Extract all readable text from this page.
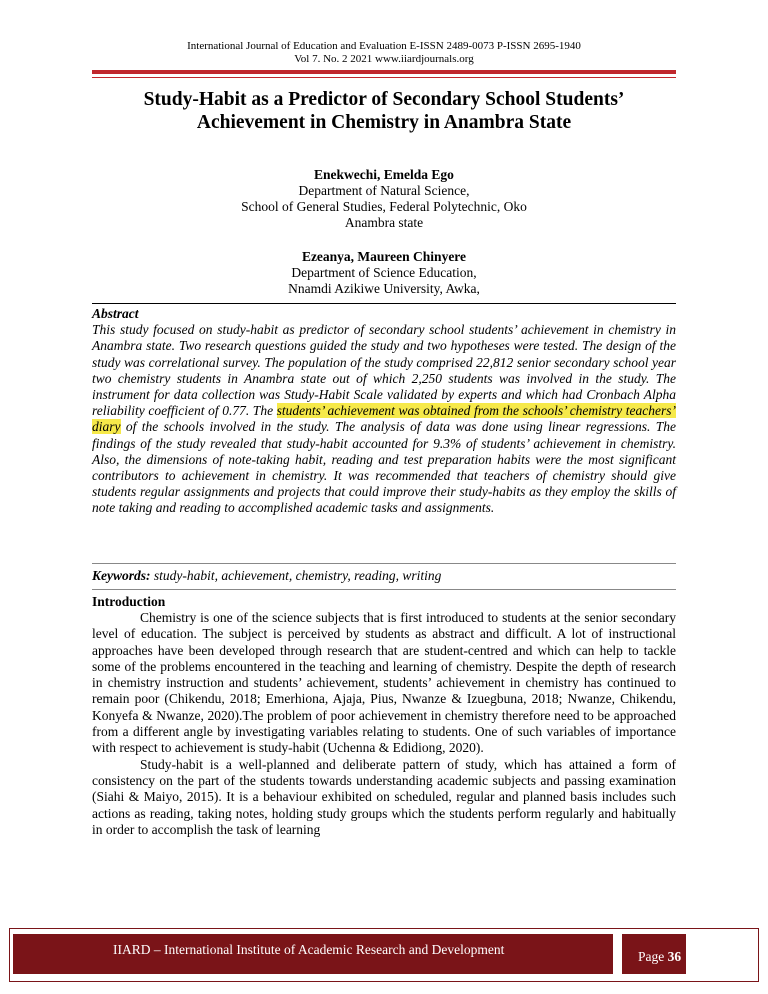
International Journal of Education and Evaluation E-ISSN 2489-0073 P-ISSN 2695-1940
Vol 7. No. 2 2021 www.iiardjournals.org
Study-Habit as a Predictor of Secondary School Students’
Achievement in Chemistry in Anambra State
Enekwechi, Emelda Ego
Department of Natural Science,
School of General Studies, Federal Polytechnic, Oko
Anambra state
Ezeanya, Maureen Chinyere
Department of Science Education,
Nnamdi Azikiwe University, Awka,
Abstract

This study focused on study-habit as predictor of secondary school students’ achievement in chemistry in Anambra state. Two research questions guided the study and two hypotheses were tested. The design of the study was correlational survey. The population of the study comprised 22,812 senior secondary school year two chemistry students in Anambra state out of which 2,250 students was involved in the study. The instrument for data collection was Study-Habit Scale validated by experts and which had Cronbach Alpha reliability coefficient of 0.77. The students’ achievement was obtained from the schools’ chemistry teachers’ diary of the schools involved in the study. The analysis of data was done using linear regressions. The findings of the study revealed that study-habit accounted for 9.3% of students’ achievement in chemistry. Also, the dimensions of note-taking habit, reading and test preparation habits were the most significant contributors to achievement in chemistry. It was recommended that teachers of chemistry should give students regular assignments and projects that could improve their study-habits as they employ the skills of note taking and reading to accomplished academic tasks and assignments.

Keywords: study-habit, achievement, chemistry, reading, writing
Introduction

Chemistry is one of the science subjects that is first introduced to students at the senior secondary level of education. The subject is perceived by students as abstract and difficult. A lot of instructional approaches have been developed through research that are student-centred and which can help to tackle some of the problems encountered in the teaching and learning of chemistry. Despite the depth of research in chemistry instruction and students’ achievement, students’ achievement in chemistry has continued to remain poor (Chikendu, 2018; Emerhiona, Ajaja, Pius, Nwanze & Izuegbuna, 2018; Nwanze, Chikendu, Konyefa & Nwanze, 2020).The problem of poor achievement in chemistry therefore need to be approached from a different angle by investigating variables relating to students. One of such variables of importance with respect to achievement is study-habit (Uchenna & Edidiong, 2020).

Study-habit is a well-planned and deliberate pattern of study, which has attained a form of consistency on the part of the students towards understanding academic subjects and passing examination (Siahi & Maiyo, 2015). It is a behaviour exhibited on scheduled, regular and planned basis includes such actions as reading, taking notes, holding study groups which the students perform regularly and habitually in order to accomplish the task of learning

IIARD – International Institute of Academic Research and Development	Page 36
